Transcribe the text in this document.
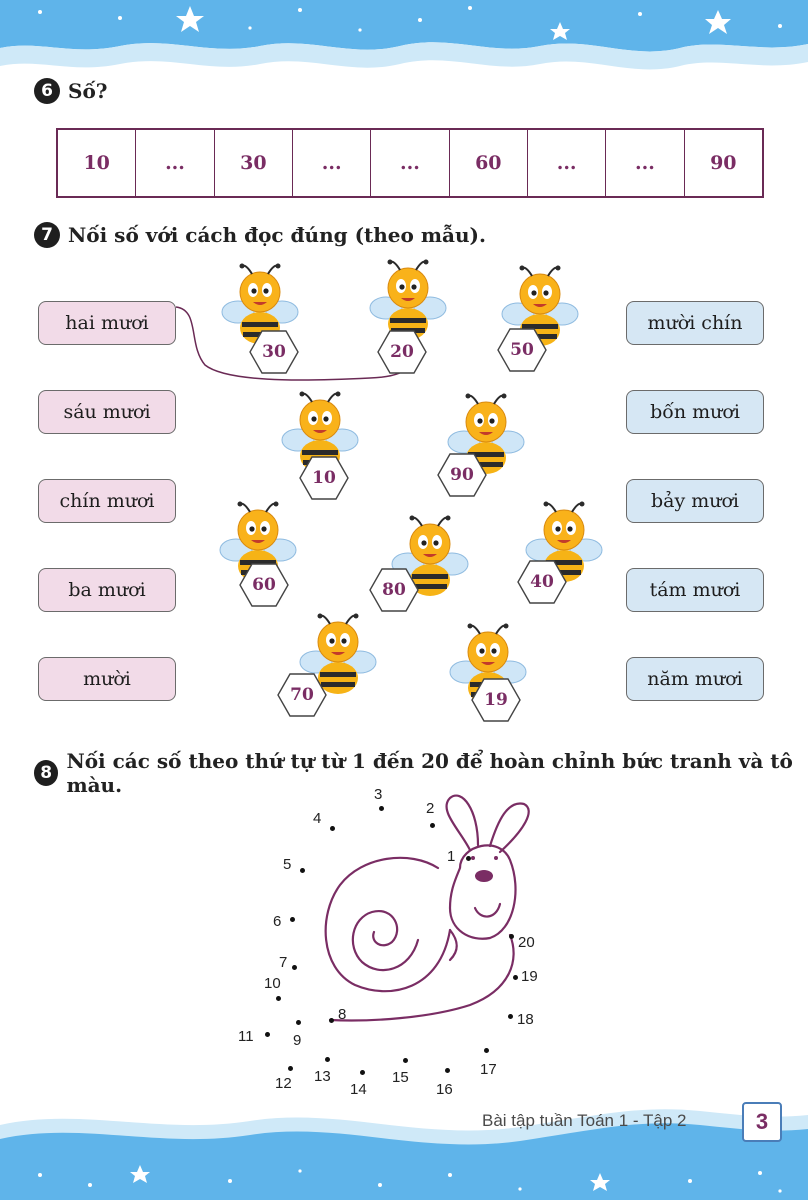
6 Số?
10	...	30	...	...	60	...	...	90
7 Nối số với cách đọc đúng (theo mẫu).
hai mươi
sáu mươi
chín mươi
ba mươi
mười
mười chín
bốn mươi
bảy mươi
tám mươi
năm mươi
30	20	50
10	90
60	80	40
70	19
8 Nối các số theo thứ tự từ 1 đến 20 để hoàn chỉnh bức tranh và tô màu.
1
2
3
4
5
6
7
8
9
10
11
12 13
14
15
16
17
18
19
20
Bài tập tuần Toán 1 - Tập 2	3
